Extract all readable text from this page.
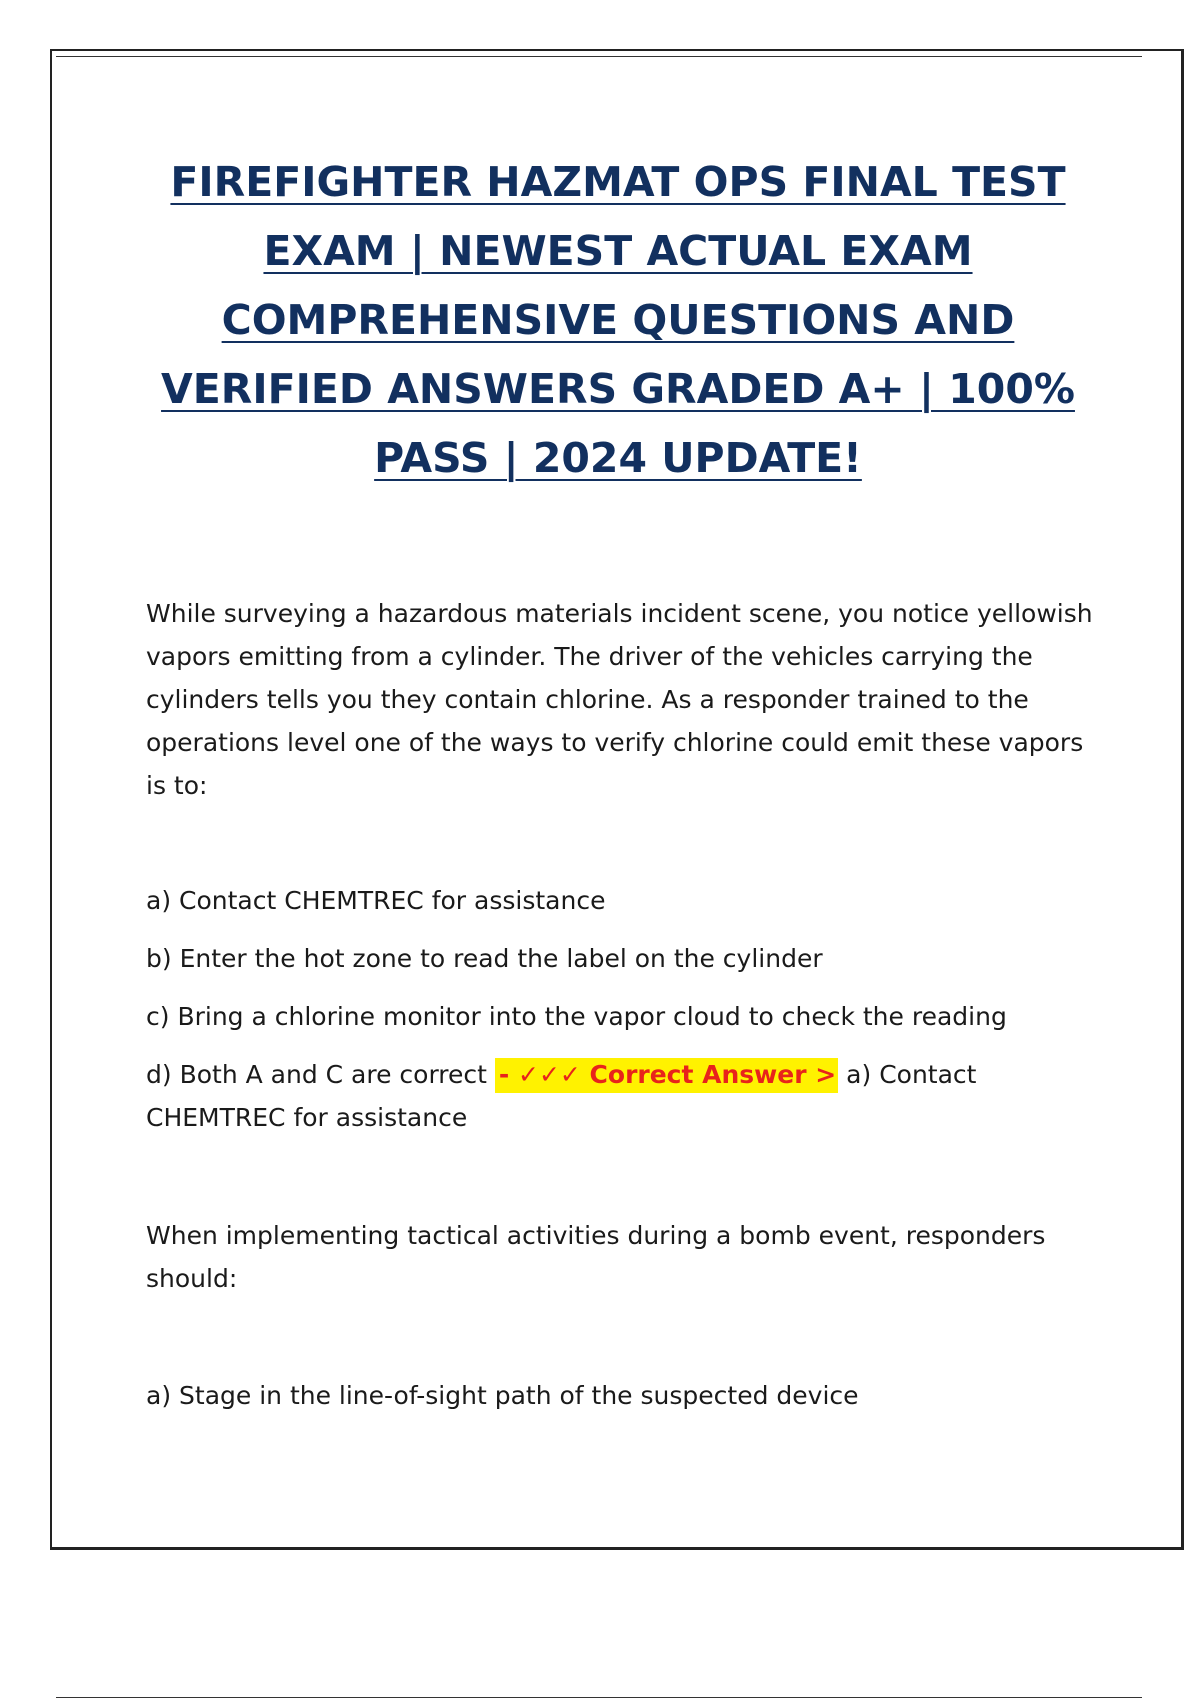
FIREFIGHTER HAZMAT OPS FINAL TEST
EXAM | NEWEST ACTUAL EXAM
COMPREHENSIVE QUESTIONS AND
VERIFIED ANSWERS GRADED A+ | 100%
PASS | 2024 UPDATE!

While surveying a hazardous materials incident scene, you notice yellowish vapors emitting from a cylinder. The driver of the vehicles carrying the cylinders tells you they contain chlorine. As a responder trained to the operations level one of the ways to verify chlorine could emit these vapors is to:

a) Contact CHEMTREC for assistance
b) Enter the hot zone to read the label on the cylinder
c) Bring a chlorine monitor into the vapor cloud to check the reading
d) Both A and C are correct - ✓✓✓ Correct Answer > a) Contact CHEMTREC for assistance

When implementing tactical activities during a bomb event, responders should:

a) Stage in the line-of-sight path of the suspected device
